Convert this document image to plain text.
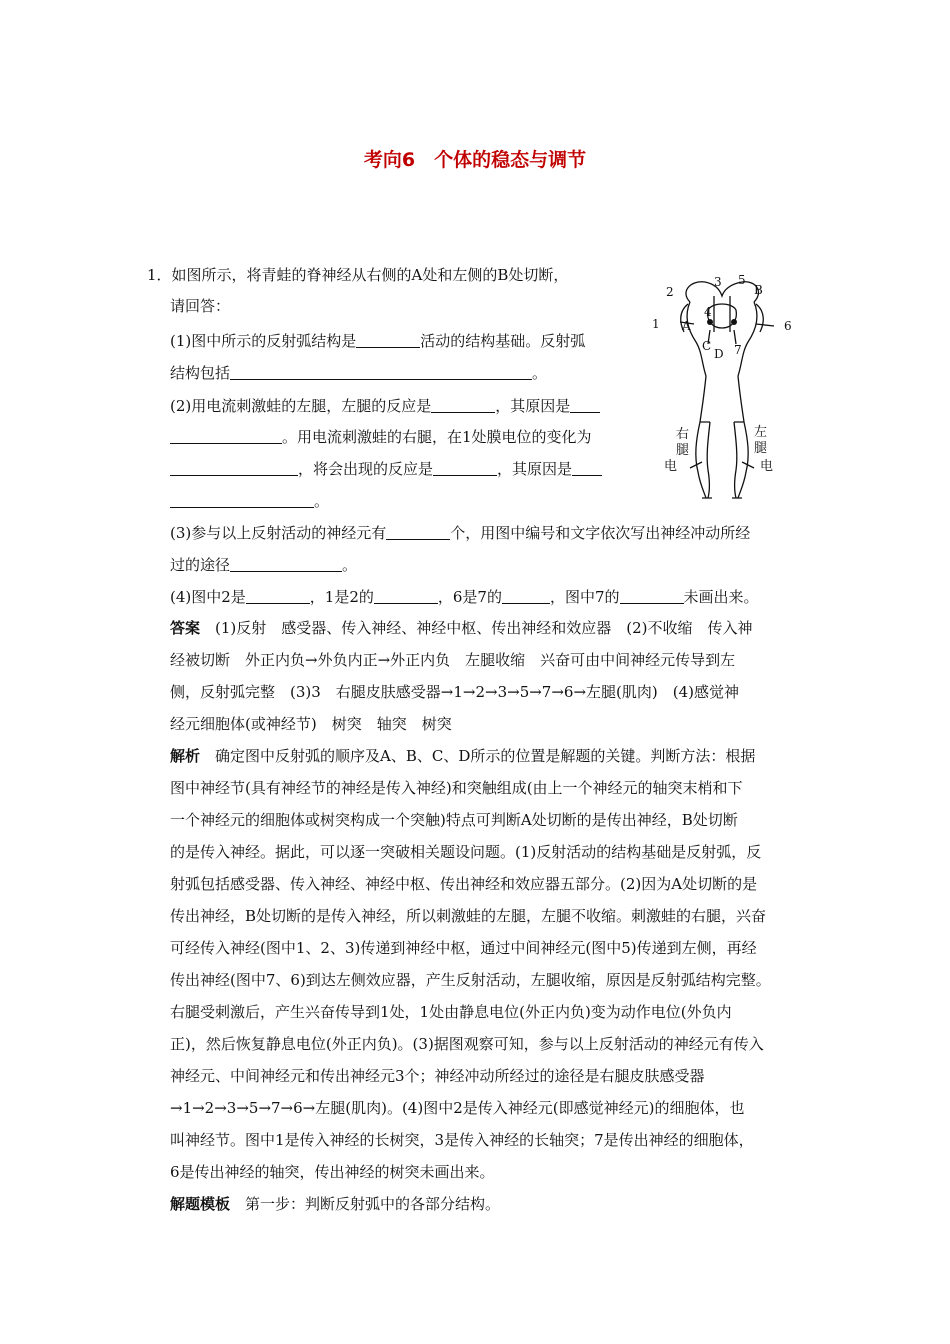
考向6　个体的稳态与调节
1．如图所示，将青蛙的脊神经从右侧的A处和左侧的B处切断，
请回答：
(1)图中所示的反射弧结构是	活动的结构基础。反射弧
结构包括	。
(2)用电流刺激蛙的左腿，左腿的反应是	，其原因是
。用电流刺激蛙的右腿，在1处膜电位的变化为
，将会出现的反应是	，其原因是
。
(3)参与以上反射活动的神经元有	个，用图中编号和文字依次写出神经冲动所经
过的途径	。
(4)图中2是	，1是2的	，6是7的	，图中7的	未画出来。
答案　 (1)反射　感受器、传入神经、神经中枢、传出神经和效应器　(2)不收缩　传入神
经被切断　外正内负→外负内正→外正内负　左腿收缩　兴奋可由中间神经元传导到左
侧，反射弧完整　(3)3　右腿皮肤感受器→1→2→3→5→7→6→左腿(肌肉)　(4)感觉神
经元细胞体(或神经节)　树突　轴突　树突
解析　 确定图中反射弧的顺序及A、B、C、D所示的位置是解题的关键。判断方法：根据
图中神经节(具有神经节的神经是传入神经)和突触组成(由上一个神经元的轴突末梢和下
一个神经元的细胞体或树突构成一个突触)特点可判断A处切断的是传出神经，B处切断
的是传入神经。据此，可以逐一突破相关题设问题。(1)反射活动的结构基础是反射弧，反
射弧包括感受器、传入神经、神经中枢、传出神经和效应器五部分。(2)因为A处切断的是
传出神经，B处切断的是传入神经，所以刺激蛙的左腿，左腿不收缩。刺激蛙的右腿，兴奋
可经传入神经(图中1、2、3)传递到神经中枢，通过中间神经元(图中5)传递到左侧，再经
传出神经(图中7、6)到达左侧效应器，产生反射活动，左腿收缩，原因是反射弧结构完整。
右腿受刺激后，产生兴奋传导到1处，1处由静息电位(外正内负)变为动作电位(外负内
正)，然后恢复静息电位(外正内负)。(3)据图观察可知，参与以上反射活动的神经元有传入
神经元、中间神经元和传出神经元3个；神经冲动所经过的途径是右腿皮肤感受器
→1→2→3→5→7→6→左腿(肌肉)。(4)图中2是传入神经元(即感觉神经元)的细胞体，也
叫神经节。图中1是传入神经的长树突，3是传入神经的长轴突；7是传出神经的细胞体，
6是传出神经的轴突，传出神经的树突未画出来。
解题模板　 第一步：判断反射弧中的各部分结构。
1
2
3
4
5
6
7
A
B
C
D
右
腿
电
左
腿
电
